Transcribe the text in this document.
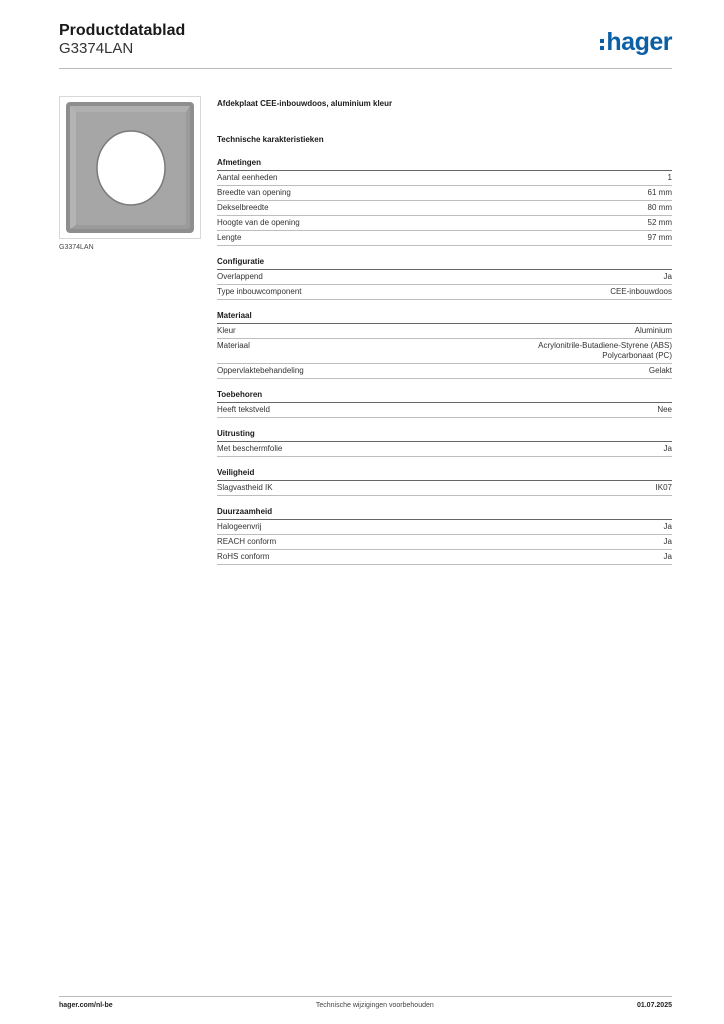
Productdatablad
G3374LAN	hager
G3374LAN
Afdekplaat CEE-inbouwdoos, aluminium kleur
Technische karakteristieken
Afmetingen
Aantal eenheden	1
Breedte van opening	61 mm
Dekselbreedte	80 mm
Hoogte van de opening	52 mm
Lengte	97 mm
Configuratie
Overlappend	Ja
Type inbouwcomponent	CEE-inbouwdoos
Materiaal
Kleur	Aluminium
Materiaal	Acrylonitrile-Butadiene-Styrene (ABS)
Polycarbonaat (PC)
Oppervlaktebehandeling	Gelakt
Toebehoren
Heeft tekstveld	Nee
Uitrusting
Met beschermfolie	Ja
Veiligheid
Slagvastheid IK	IK07
Duurzaamheid
Halogeenvrij	Ja
REACH conform	Ja
RoHS conform	Ja
hager.com/nl-be	Technische wijzigingen voorbehouden	01.07.2025
